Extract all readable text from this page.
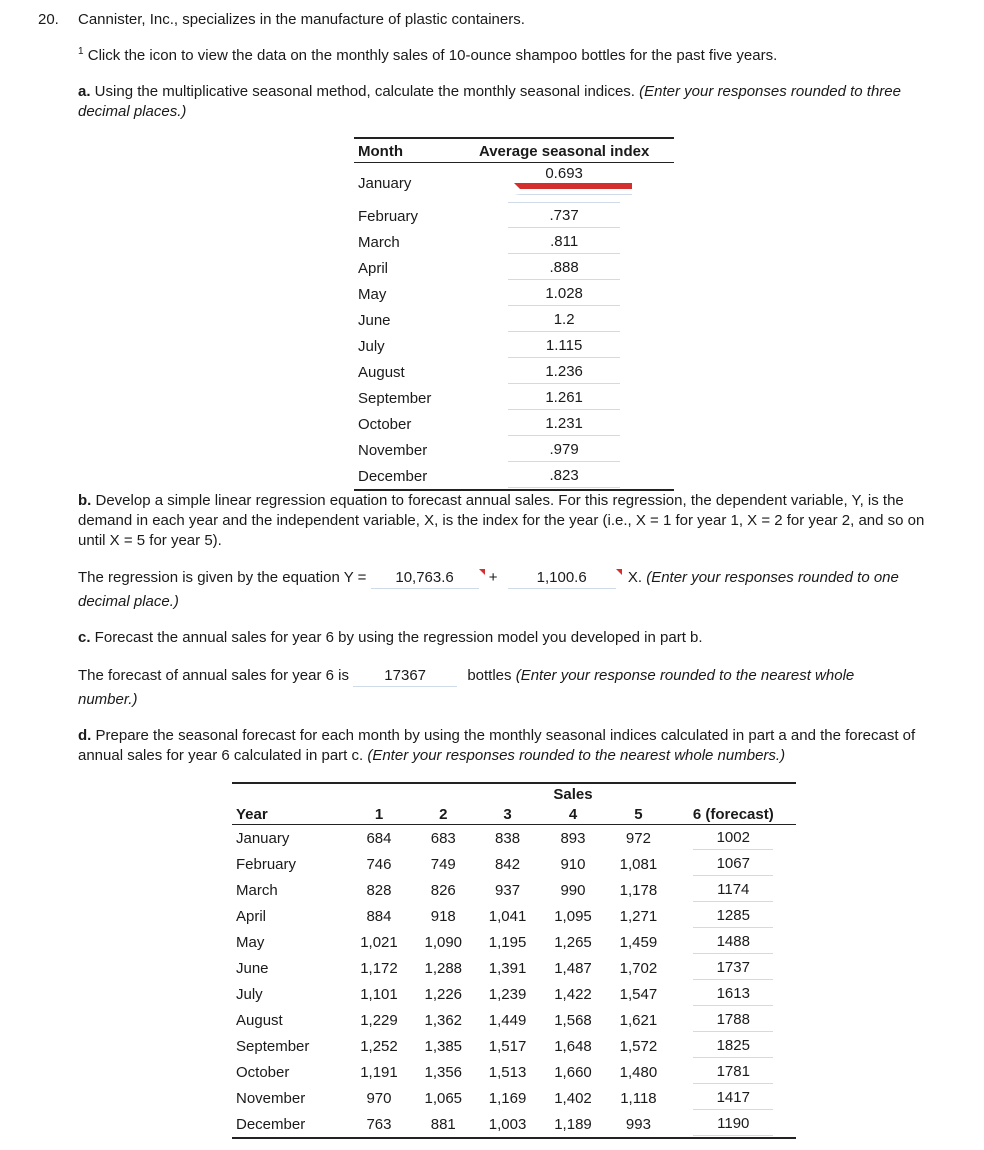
20. Cannister, Inc., specializes in the manufacture of plastic containers.
$^1$ Click the icon to view the data on the monthly sales of 10-ounce shampoo bottles for the past five years.
a. Using the multiplicative seasonal method, calculate the monthly seasonal indices. (Enter your responses rounded to three decimal places.)
Month	Average seasonal index
January	0.693
February	.737
March	.811
April	.888
May	1.028
June	1.2
July	1.115
August	1.236
September	1.261
October	1.231
November	.979
December	.823
b. Develop a simple linear regression equation to forecast annual sales. For this regression, the dependent variable, Y, is the demand in each year and the independent variable, X, is the index for the year (i.e., X = 1 for year 1, X = 2 for year 2, and so on until X = 5 for year 5).
The regression is given by the equation Y = 10,763.6 +	1,100.6	X. (Enter your responses rounded to one
decimal place.)
c. Forecast the annual sales for year 6 by using the regression model you developed in part b.
The forecast of annual sales for year 6 is 17367	bottles (Enter your response rounded to the nearest whole
number.)
d. Prepare the seasonal forecast for each month by using the monthly seasonal indices calculated in part a and the forecast of annual sales for year 6 calculated in part c. (Enter your responses rounded to the nearest whole numbers.)
				Sales		
Year	1	2	3	4	5	6 (forecast)
January	684	683	838	893	972	1002
February	746	749	842	910	1,081	1067
March	828	826	937	990	1,178	1174
April	884	918	1,041	1,095	1,271	1285
May	1,021	1,090	1,195	1,265	1,459	1488
June	1,172	1,288	1,391	1,487	1,702	1737
July	1,101	1,226	1,239	1,422	1,547	1613
August	1,229	1,362	1,449	1,568	1,621	1788
September	1,252	1,385	1,517	1,648	1,572	1825
October	1,191	1,356	1,513	1,660	1,480	1781
November	970	1,065	1,169	1,402	1,118	1417
December	763	881	1,003	1,189	993	1190
